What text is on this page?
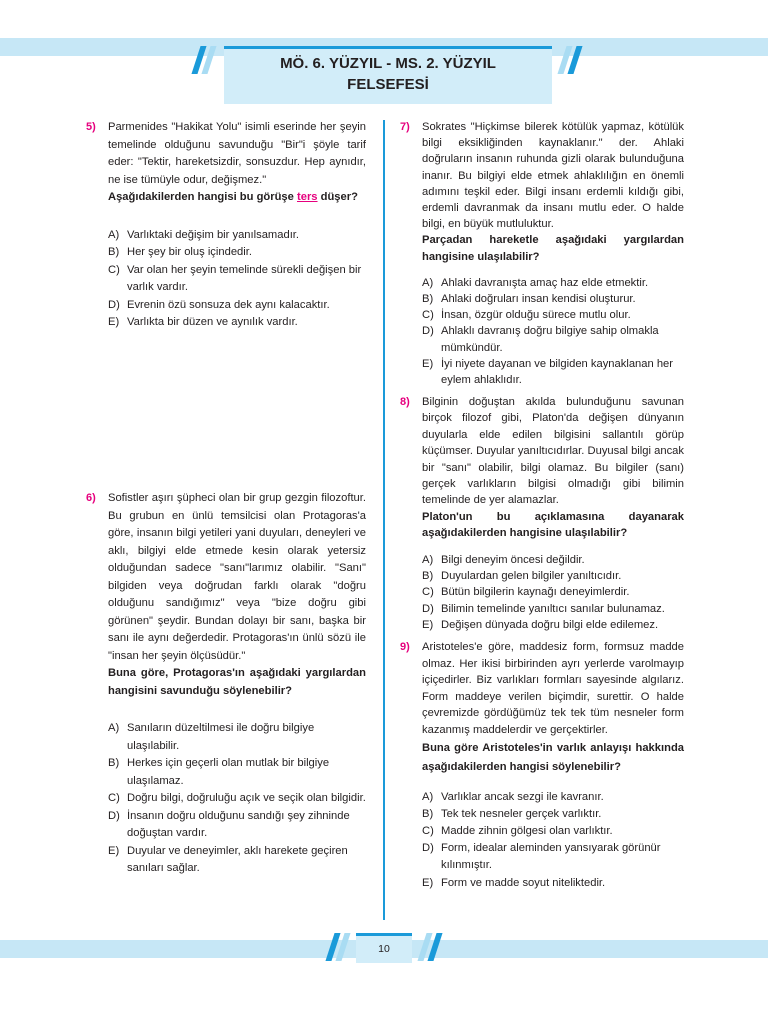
MÖ. 6. YÜZYIL - MS. 2. YÜZYIL
FELSEFESİ
5) Parmenides "Hakikat Yolu" isimli eserinde her şeyin temelinde olduğunu savunduğu "Bir"i şöyle tarif eder: "Tektir, hareketsizdir, sonsuzdur. Hep aynıdır, ne ise tümüyle odur, değişmez."

Aşağıdakilerden hangisi bu görüşe ters düşer?

A) Varlıktaki değişim bir yanılsamadır.
B) Her şey bir oluş içindedir.
C) Var olan her şeyin temelinde sürekli değişen bir varlık vardır.
D) Evrenin özü sonsuza dek aynı kalacaktır.
E) Varlıkta bir düzen ve aynılık vardır.
6) Sofistler aşırı şüpheci olan bir grup gezgin filozoftur. Bu grubun en ünlü temsilcisi olan Protagoras'a göre, insanın bilgi yetileri yani duyuları, deneyleri ve aklı, bilgiyi elde etmede kesin olarak yetersiz olduğundan sadece "sanı"larımız olabilir. "Sanı" bilgiden veya doğrudan farklı olarak "doğru olduğunu sandığımız" veya "bize doğru gibi görünen" şeydir. Bundan dolayı bir sanı, başka bir sanı ile aynı değerdedir. Protagoras'ın ünlü sözü ile "insan her şeyin ölçüsüdür."

Buna göre, Protagoras'ın aşağıdaki yargılardan hangisini savunduğu söylenebilir?

A) Sanıların düzeltilmesi ile doğru bilgiye ulaşılabilir.
B) Herkes için geçerli olan mutlak bir bilgiye ulaşılamaz.
C) Doğru bilgi, doğruluğu açık ve seçik olan bilgidir.
D) İnsanın doğru olduğunu sandığı şey zihninde doğuştan vardır.
E) Duyular ve deneyimler, aklı harekete geçiren sanıları sağlar.
7) Sokrates "Hiçkimse bilerek kötülük yapmaz, kötülük bilgi eksikliğinden kaynaklanır." der. Ahlaki doğruların insanın ruhunda gizli olarak bulunduğuna inanır. Bu bilgiyi elde etmek ahlaklılığın en önemli adımını teşkil eder. Bilgi insanı erdemli kıldığı gibi, erdemli davranmak da insanı mutlu eder. O halde bilgi, en büyük mutluluktur.

Parçadan hareketle aşağıdaki yargılardan hangisine ulaşılabilir?

A) Ahlaki davranışta amaç haz elde etmektir.
B) Ahlaki doğruları insan kendisi oluşturur.
C) İnsan, özgür olduğu sürece mutlu olur.
D) Ahlaklı davranış doğru bilgiye sahip olmakla mümkündür.
E) İyi niyete dayanan ve bilgiden kaynaklanan her eylem ahlaklıdır.
8) Bilginin doğuştan akılda bulunduğunu savunan birçok filozof gibi, Platon'da değişen dünyanın duyularla elde edilen bilgisini sallantılı görüp küçümser. Duyular yanıltıcıdırlar. Duyusal bilgi ancak bir "sanı" olabilir, bilgi olamaz. Bu bilgiler (sanı) gerçek varlıkların bilgisi olmadığı gibi bilimin temelinde de yer alamazlar.

Platon'un bu açıklamasına dayanarak aşağıdakilerden hangisine ulaşılabilir?

A) Bilgi deneyim öncesi değildir.
B) Duyulardan gelen bilgiler yanıltıcıdır.
C) Bütün bilgilerin kaynağı deneyimlerdir.
D) Bilimin temelinde yanıltıcı sanılar bulunamaz.
E) Değişen dünyada doğru bilgi elde edilemez.
9) Aristoteles'e göre, maddesiz form, formsuz madde olmaz. Her ikisi birbirinden ayrı yerlerde varolmayıp içiçedirler. Biz varlıkları formları sayesinde algılarız. Form maddeye verilen biçimdir, surettir. O halde çevremizde gördüğümüz tek tek tüm nesneler form kazanmış maddelerdir ve gerçektirler.

Buna göre Aristoteles'in varlık anlayışı hakkında aşağıdakilerden hangisi söylenebilir?

A) Varlıklar ancak sezgi ile kavranır.
B) Tek tek nesneler gerçek varlıktır.
C) Madde zihnin gölgesi olan varlıktır.
D) Form, idealar aleminden yansıyarak görünür kılınmıştır.
E) Form ve madde soyut niteliktedir.
10
